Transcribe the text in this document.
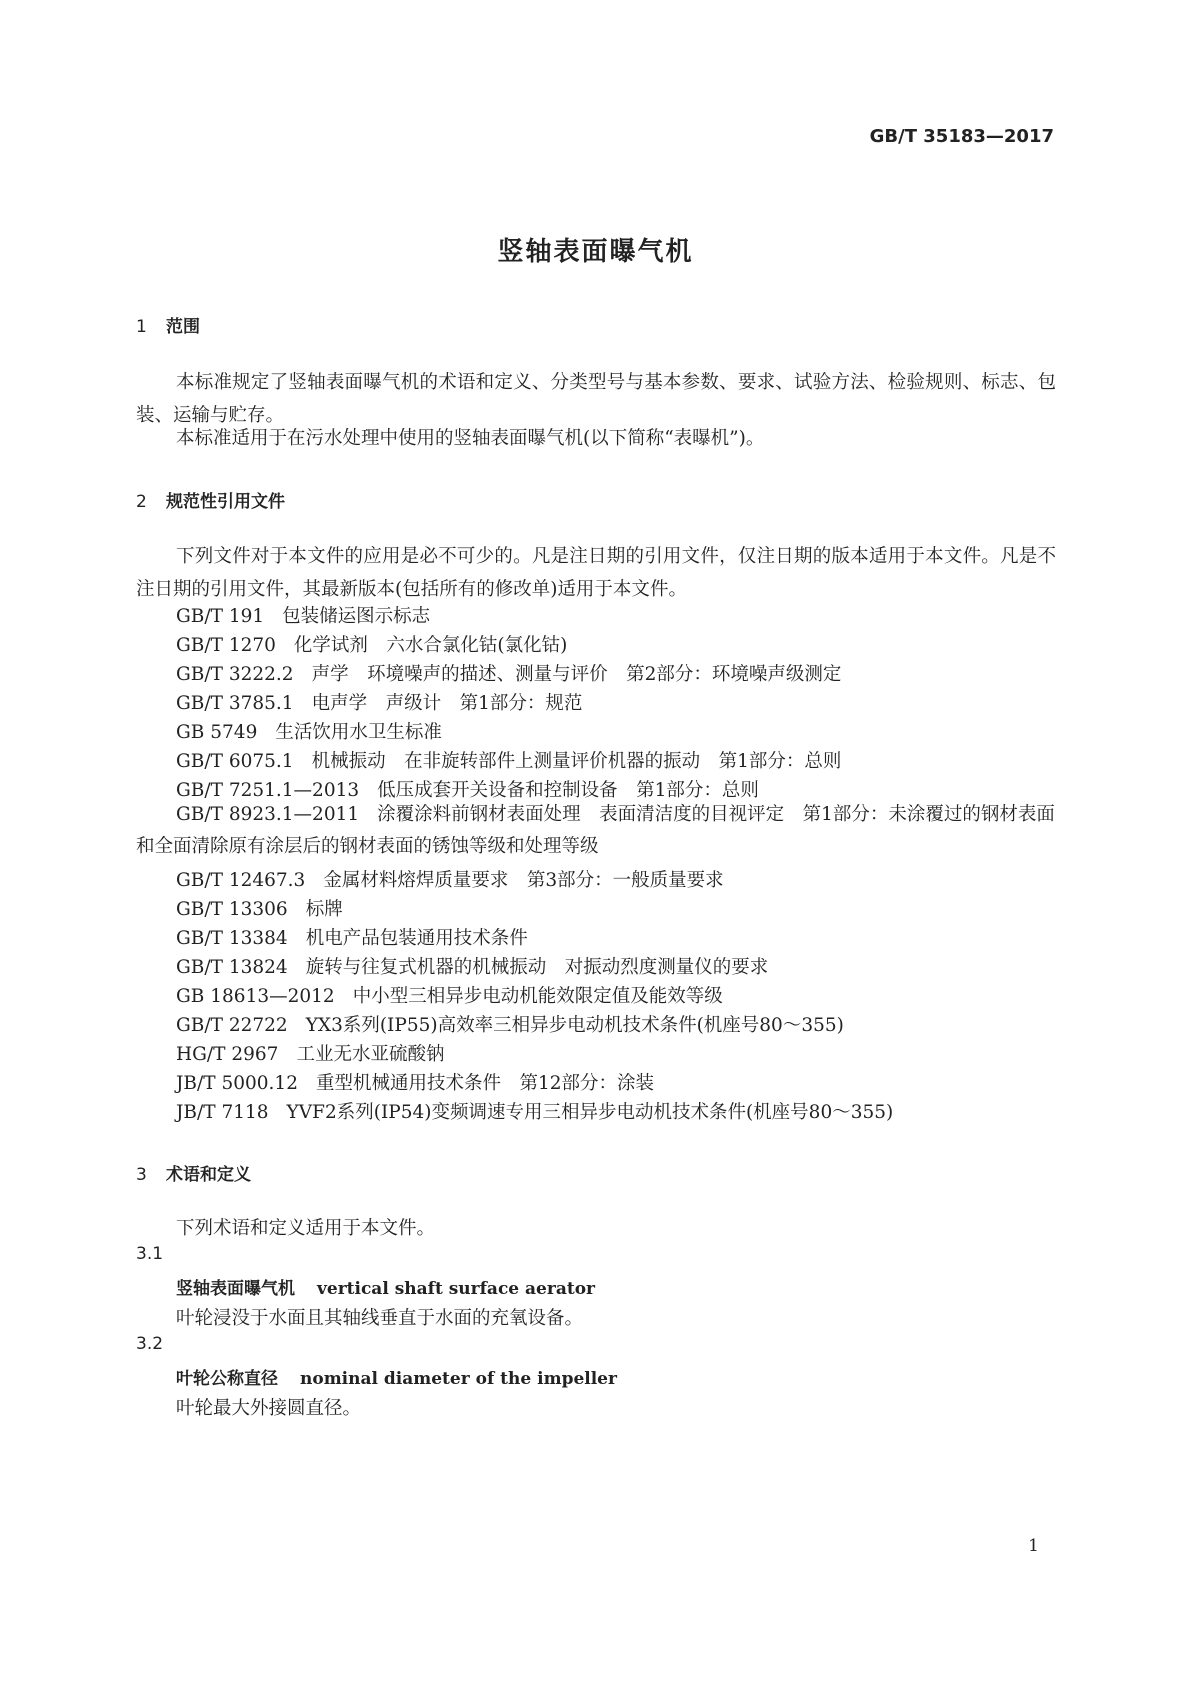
GB/T 35183—2017
竖轴表面曝气机
1 范围
本标准规定了竖轴表面曝气机的术语和定义、分类型号与基本参数、要求、试验方法、检验规则、标志、包装、运输与贮存。
本标准适用于在污水处理中使用的竖轴表面曝气机(以下简称“表曝机”)。
2 规范性引用文件
下列文件对于本文件的应用是必不可少的。凡是注日期的引用文件，仅注日期的版本适用于本文件。凡是不注日期的引用文件，其最新版本(包括所有的修改单)适用于本文件。
GB/T 191 包装储运图示标志
GB/T 1270 化学试剂　六水合氯化钴(氯化钴)
GB/T 3222.2 声学　环境噪声的描述、测量与评价　第2部分：环境噪声级测定
GB/T 3785.1 电声学　声级计　第1部分：规范
GB 5749 生活饮用水卫生标准
GB/T 6075.1 机械振动　在非旋转部件上测量评价机器的振动　第1部分：总则
GB/T 7251.1—2013 低压成套开关设备和控制设备　第1部分：总则
GB/T 8923.1—2011 涂覆涂料前钢材表面处理　表面清洁度的目视评定　第1部分：未涂覆过的钢材表面和全面清除原有涂层后的钢材表面的锈蚀等级和处理等级
GB/T 12467.3 金属材料熔焊质量要求　第3部分：一般质量要求
GB/T 13306 标牌
GB/T 13384 机电产品包装通用技术条件
GB/T 13824 旋转与往复式机器的机械振动　对振动烈度测量仪的要求
GB 18613—2012 中小型三相异步电动机能效限定值及能效等级
GB/T 22722 YX3系列(IP55)高效率三相异步电动机技术条件(机座号80～355)
HG/T 2967 工业无水亚硫酸钠
JB/T 5000.12 重型机械通用技术条件　第12部分：涂装
JB/T 7118 YVF2系列(IP54)变频调速专用三相异步电动机技术条件(机座号80～355)
3 术语和定义
下列术语和定义适用于本文件。
3.1
竖轴表面曝气机 vertical shaft surface aerator
叶轮浸没于水面且其轴线垂直于水面的充氧设备。
3.2
叶轮公称直径 nominal diameter of the impeller
叶轮最大外接圆直径。
1
